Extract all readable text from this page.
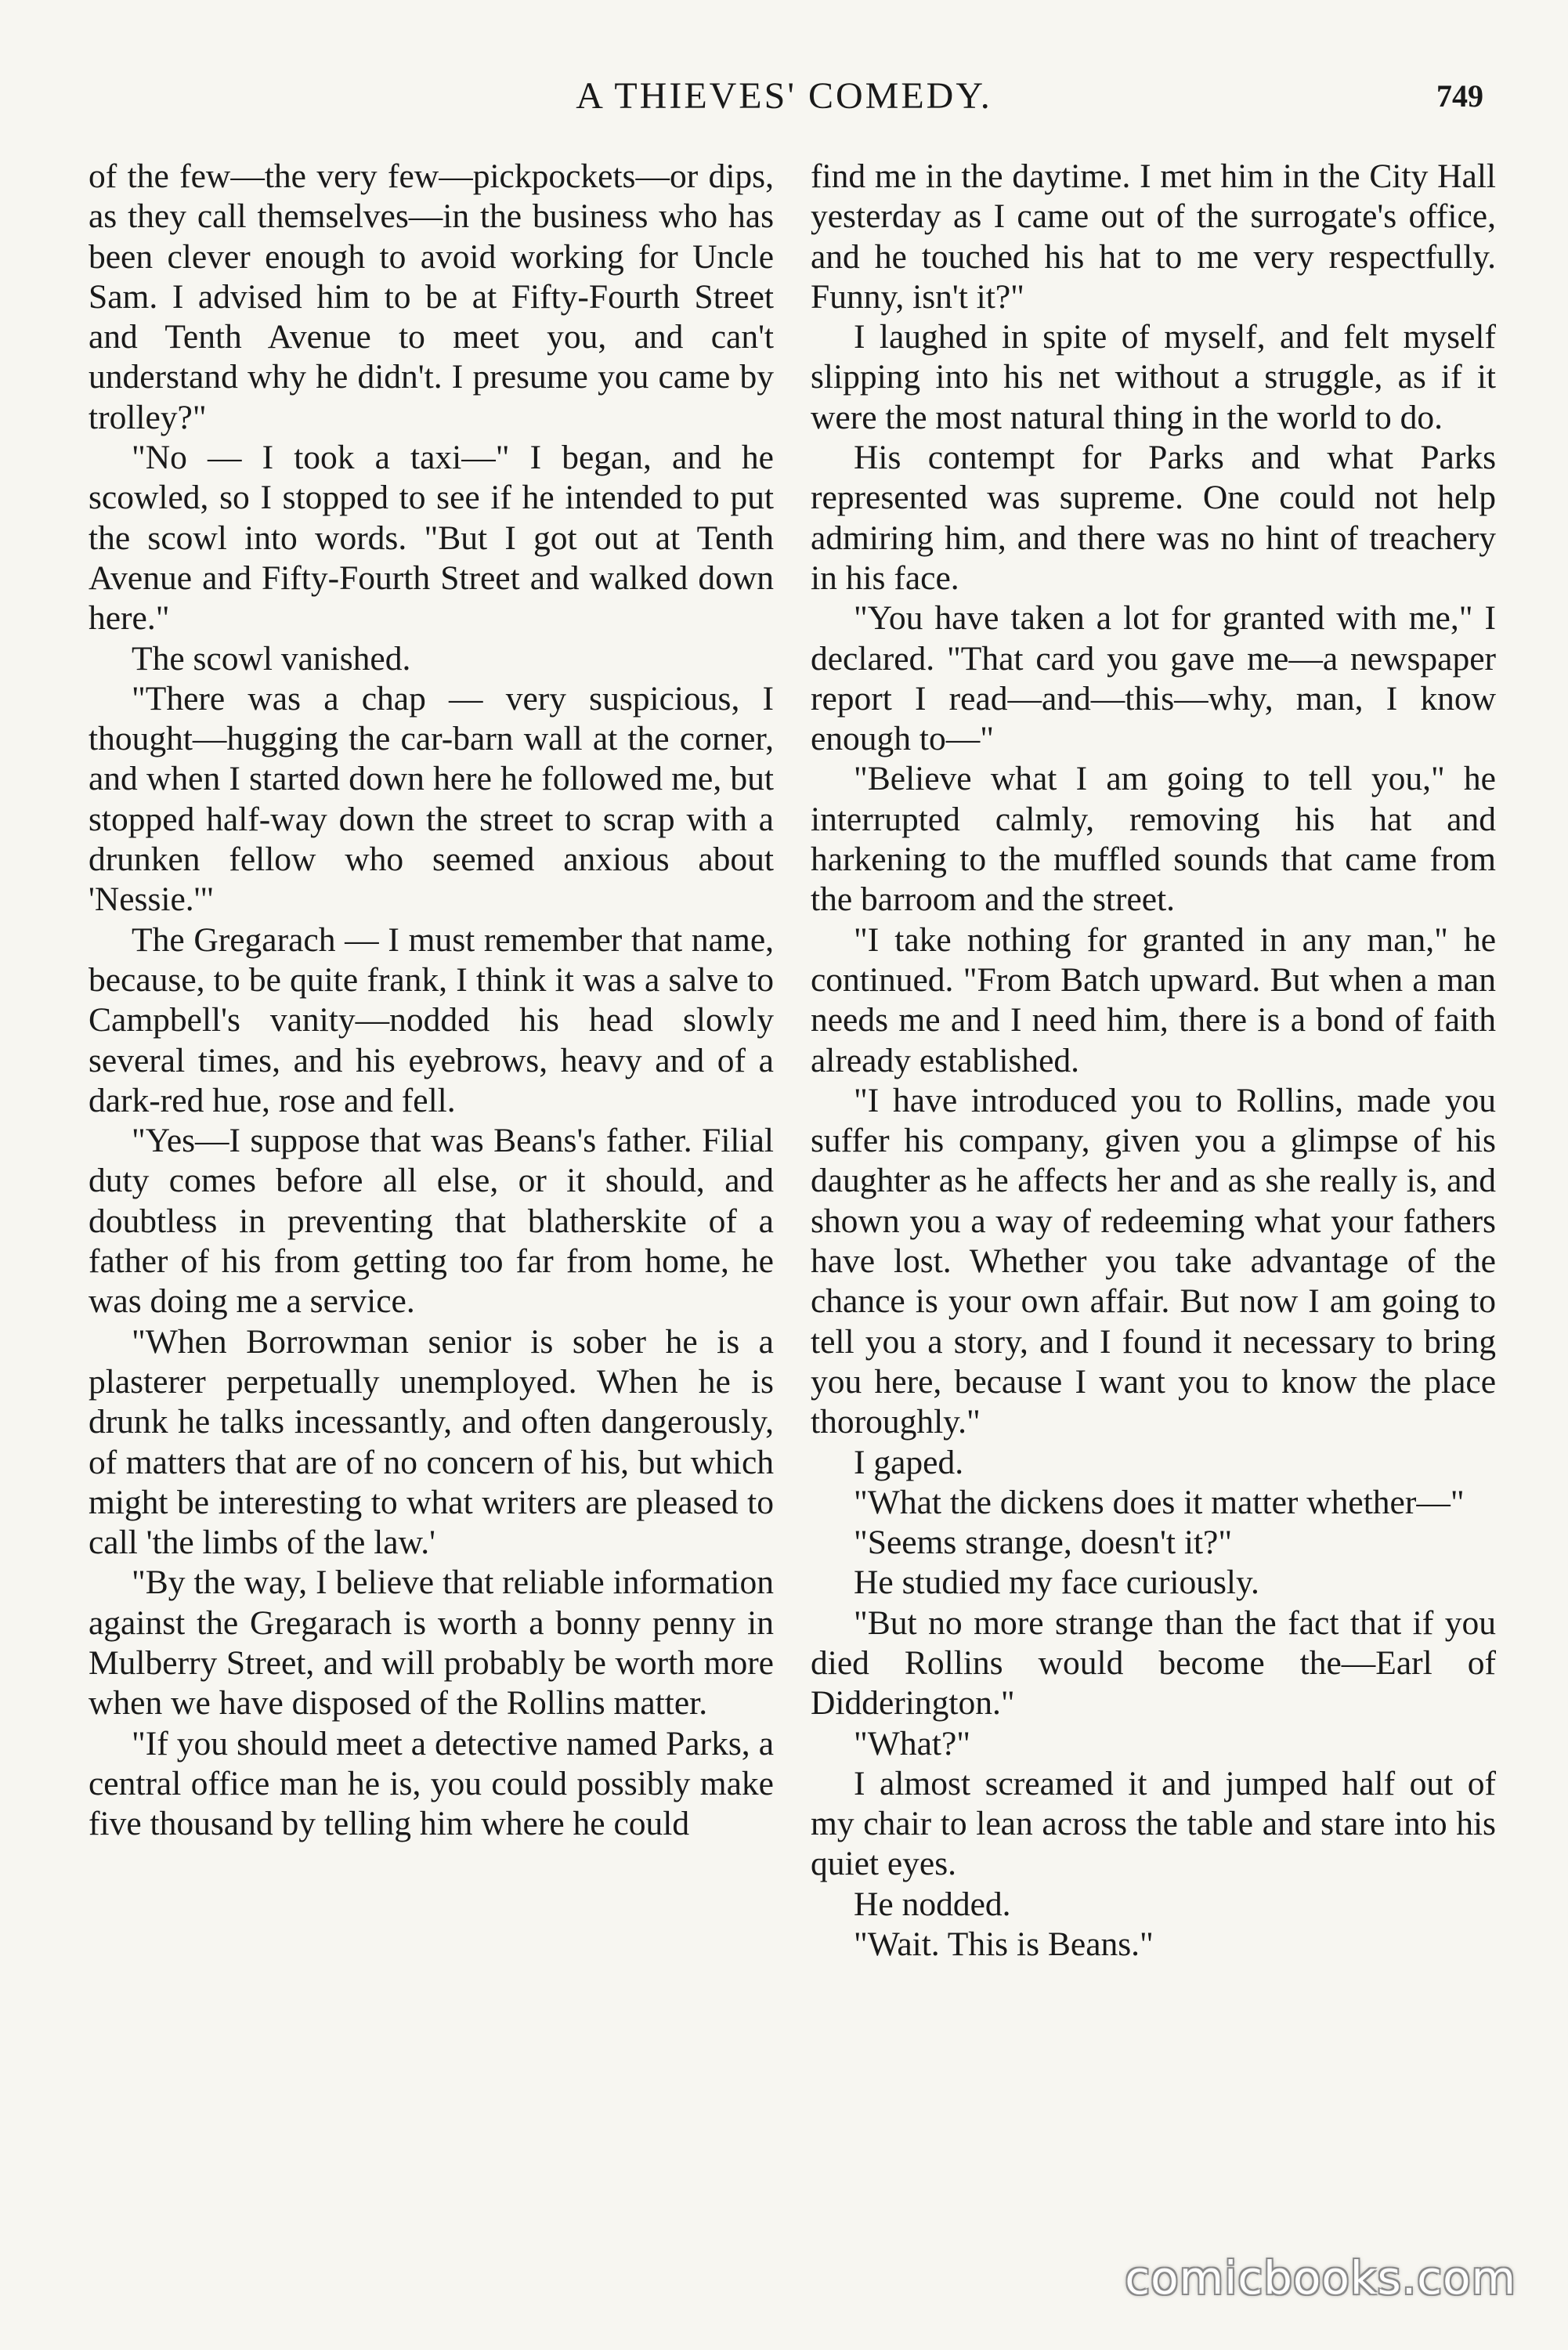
A THIEVES' COMEDY.	749

of the few—the very few—pickpockets—or dips, as they call themselves—in the business who has been clever enough to avoid working for Uncle Sam. I advised him to be at Fifty-Fourth Street and Tenth Avenue to meet you, and can't understand why he didn't. I presume you came by trolley?"

"No — I took a taxi—" I began, and he scowled, so I stopped to see if he intended to put the scowl into words. "But I got out at Tenth Avenue and Fifty-Fourth Street and walked down here."

The scowl vanished.

"There was a chap — very suspicious, I thought—hugging the car-barn wall at the corner, and when I started down here he followed me, but stopped half-way down the street to scrap with a drunken fellow who seemed anxious about 'Nessie.'"

The Gregarach — I must remember that name, because, to be quite frank, I think it was a salve to Campbell's vanity—nodded his head slowly several times, and his eyebrows, heavy and of a dark-red hue, rose and fell.

"Yes—I suppose that was Beans's father. Filial duty comes before all else, or it should, and doubtless in preventing that blatherskite of a father of his from getting too far from home, he was doing me a service.

"When Borrowman senior is sober he is a plasterer perpetually unemployed. When he is drunk he talks incessantly, and often dangerously, of matters that are of no concern of his, but which might be interesting to what writers are pleased to call 'the limbs of the law.'

"By the way, I believe that reliable information against the Gregarach is worth a bonny penny in Mulberry Street, and will probably be worth more when we have disposed of the Rollins matter.

"If you should meet a detective named Parks, a central office man he is, you could possibly make five thousand by telling him where he could

find me in the daytime. I met him in the City Hall yesterday as I came out of the surrogate's office, and he touched his hat to me very respectfully. Funny, isn't it?"

I laughed in spite of myself, and felt myself slipping into his net without a struggle, as if it were the most natural thing in the world to do.

His contempt for Parks and what Parks represented was supreme. One could not help admiring him, and there was no hint of treachery in his face.

"You have taken a lot for granted with me," I declared. "That card you gave me—a newspaper report I read—and—this—why, man, I know enough to—"

"Believe what I am going to tell you," he interrupted calmly, removing his hat and harkening to the muffled sounds that came from the barroom and the street.

"I take nothing for granted in any man," he continued. "From Batch upward. But when a man needs me and I need him, there is a bond of faith already established.

"I have introduced you to Rollins, made you suffer his company, given you a glimpse of his daughter as he affects her and as she really is, and shown you a way of redeeming what your fathers have lost. Whether you take advantage of the chance is your own affair. But now I am going to tell you a story, and I found it necessary to bring you here, because I want you to know the place thoroughly."

I gaped.

"What the dickens does it matter whether—"

"Seems strange, doesn't it?"

He studied my face curiously.

"But no more strange than the fact that if you died Rollins would become the—Earl of Didderington."

"What?"

I almost screamed it and jumped half out of my chair to lean across the table and stare into his quiet eyes.

He nodded.

"Wait. This is Beans."

comicbooks.com
